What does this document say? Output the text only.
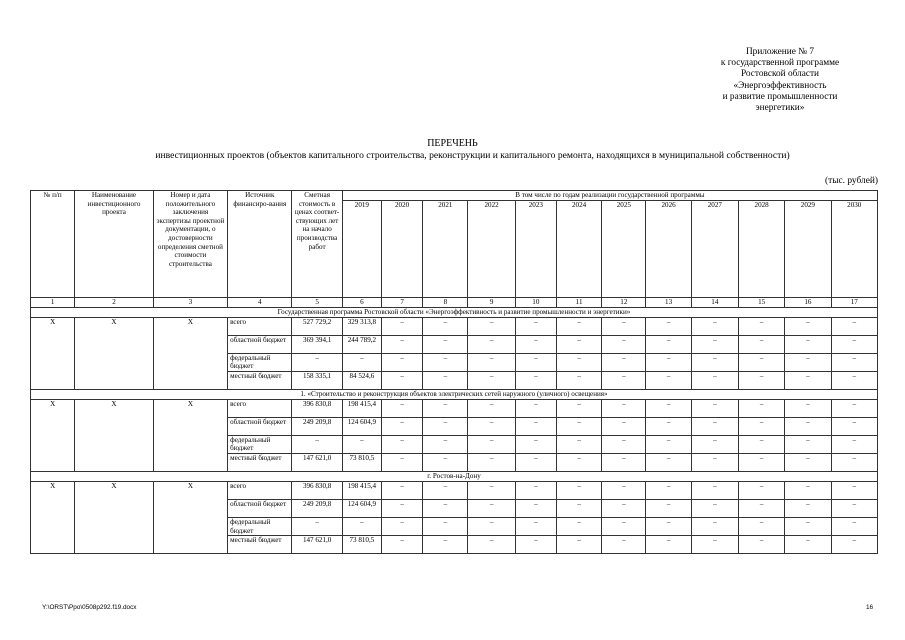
Приложение № 7
к государственной программе
Ростовской области
«Энергоэффективность
и развитие промышленности
энергетики»
ПЕРЕЧЕНЬ
инвестиционных проектов (объектов капитального строительства, реконструкции и капитального ремонта, находящихся в муниципальной собственности)
(тыс. рублей)
№ п/п	Наименование инвестиционного проекта	Номер и дата положительного заключения экспертизы проектной документации, о достоверности определения сметной стоимости строительства	Источник финансиро-вания	Сметная стоимость в ценах соответ-ствующих лет на начало производства работ	В том числе по годам реализации государственной программы											
					2019	2020	2021	2022	2023	2024	2025	2026	2027	2028	2029	2030
1	2	3	4	5	6	7	8	9	10	11	12	13	14	15	16	17
Государственная программа Ростовской области «Энергоэффективность и развитие промышленности и энергетики»																
Х	Х	Х	всего	527 729,2	329 313,8	–	–	–	–	–	–	–	–	–	–	–
			областной бюджет	369 394,1	244 789,2	–	–	–	–	–	–	–	–	–	–	–
			федеральный бюджет	–	–	–	–	–	–	–	–	–	–	–	–	–
			местный бюджет	158 335,1	84 524,6	–	–	–	–	–	–	–	–	–	–	–
1. «Строительство и реконструкция объектов электрических сетей наружного (уличного) освещения»																
Х	Х	Х	всего	396 830,8	198 415,4	–	–	–	–	–	–	–	–	–	–	–
			областной бюджет	249 209,8	124 604,9	–	–	–	–	–	–	–	–	–	–	–
			федеральный бюджет	–	–	–	–	–	–	–	–	–	–	–	–	–
			местный бюджет	147 621,0	73 810,5	–	–	–	–	–	–	–	–	–	–	–
г. Ростов-на-Дону																
Х	Х	Х	всего	396 830,8	198 415,4	–	–	–	–	–	–	–	–	–	–	–
			областной бюджет	249 209,8	124 604,9	–	–	–	–	–	–	–	–	–	–	–
			федеральный бюджет	–	–	–	–	–	–	–	–	–	–	–	–	–
			местный бюджет	147 621,0	73 810,5	–	–	–	–	–	–	–	–	–	–	–
Y:\ORST\Ppo\0508p292.f19.docx	16
